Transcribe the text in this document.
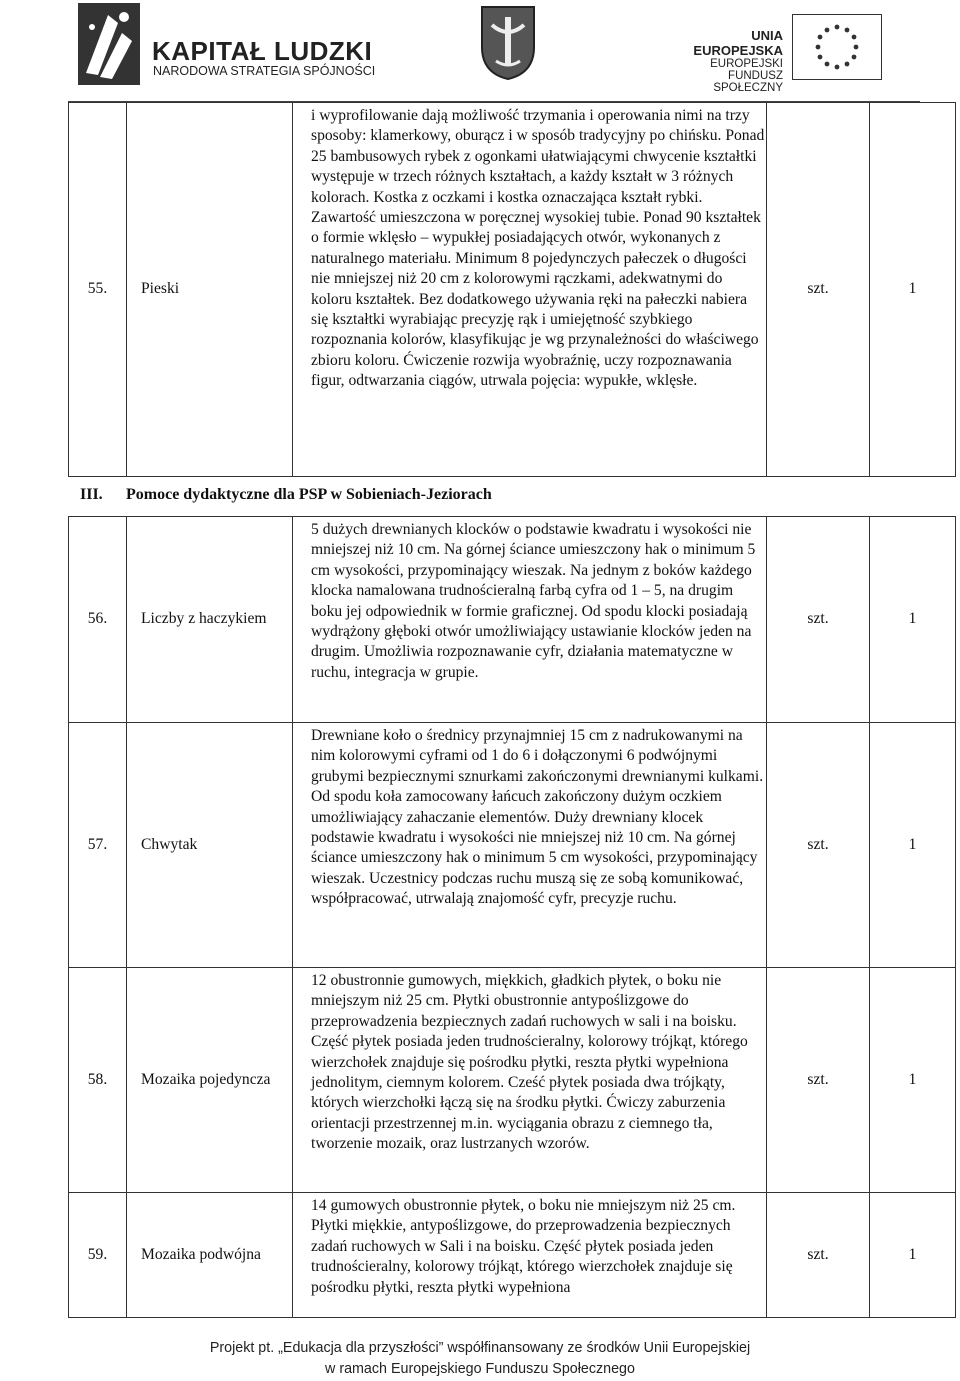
KAPITAŁ LUDZKI
NARODOWA STRATEGIA SPÓJNOŚCI
UNIA EUROPEJSKA
EUROPEJSKI
FUNDUSZ SPOŁECZNY
55.	Pieski	i wyprofilowanie dają możliwość trzymania i operowania nimi na trzy sposoby: klamerkowy, oburącz i w sposób tradycyjny po chińsku. Ponad 25 bambusowych rybek z ogonkami ułatwiającymi chwycenie kształtki występuje w trzech różnych kształtach, a każdy kształt w 3 różnych kolorach. Kostka z oczkami i kostka oznaczająca kształt rybki. Zawartość umieszczona w poręcznej wysokiej tubie. Ponad 90 kształtek o formie wklęsło – wypukłej posiadających otwór, wykonanych z naturalnego materiału. Minimum 8 pojedynczych pałeczek o długości nie mniejszej niż 20 cm z kolorowymi rączkami, adekwatnymi do koloru kształtek. Bez dodatkowego używania ręki na pałeczki nabiera się kształtki wyrabiając precyzję rąk i umiejętność szybkiego rozpoznania kolorów, klasyfikując je wg przynależności do właściwego zbioru koloru. Ćwiczenie rozwija wyobraźnię, uczy rozpoznawania figur, odtwarzania ciągów, utrwala pojęcia: wypukłe, wklęsłe.	szt.	1
III. Pomoce dydaktyczne dla PSP w Sobieniach-Jeziorach
56.	Liczby z haczykiem	5 dużych drewnianych klocków o podstawie kwadratu i wysokości nie mniejszej niż 10 cm. Na górnej ściance umieszczony hak o minimum 5 cm wysokości, przypominający wieszak. Na jednym z boków każdego klocka namalowana trudnościeralną farbą cyfra od 1 – 5, na drugim boku jej odpowiednik w formie graficznej. Od spodu klocki posiadają wydrążony głęboki otwór umożliwiający ustawianie klocków jeden na drugim. Umożliwia rozpoznawanie cyfr, działania matematyczne w ruchu, integracja w grupie.	szt.	1
57.	Chwytak	Drewniane koło o średnicy przynajmniej 15 cm z nadrukowanymi na nim kolorowymi cyframi od 1 do 6 i dołączonymi 6 podwójnymi grubymi bezpiecznymi sznurkami zakończonymi drewnianymi kulkami. Od spodu koła zamocowany łańcuch zakończony dużym oczkiem umożliwiający zahaczanie elementów. Duży drewniany klocek podstawie kwadratu i wysokości nie mniejszej niż 10 cm. Na górnej ściance umieszczony hak o minimum 5 cm wysokości, przypominający wieszak. Uczestnicy podczas ruchu muszą się ze sobą komunikować, współpracować, utrwalają znajomość cyfr, precyzje ruchu.	szt.	1
58.	Mozaika pojedyncza	12 obustronnie gumowych, miękkich, gładkich płytek, o boku nie mniejszym niż 25 cm. Płytki obustronnie antypoślizgowe do przeprowadzenia bezpiecznych zadań ruchowych w sali i na boisku. Część płytek posiada jeden trudnościeralny, kolorowy trójkąt, którego wierzchołek znajduje się pośrodku płytki, reszta płytki wypełniona jednolitym, ciemnym kolorem. Cześć płytek posiada dwa trójkąty, których wierzchołki łączą się na środku płytki. Ćwiczy zaburzenia orientacji przestrzennej m.in. wyciągania obrazu z ciemnego tła, tworzenie mozaik, oraz lustrzanych wzorów.	szt.	1
59.	Mozaika podwójna	14 gumowych obustronnie płytek, o boku nie mniejszym niż 25 cm. Płytki miękkie, antypoślizgowe, do przeprowadzenia bezpiecznych zadań ruchowych w Sali i na boisku. Część płytek posiada jeden trudnościeralny, kolorowy trójkąt, którego wierzchołek znajduje się pośrodku płytki, reszta płytki wypełniona	szt.	1
Projekt pt. „Edukacja dla przyszłości” współfinansowany ze środków Unii Europejskiej
w ramach Europejskiego Funduszu Społecznego
